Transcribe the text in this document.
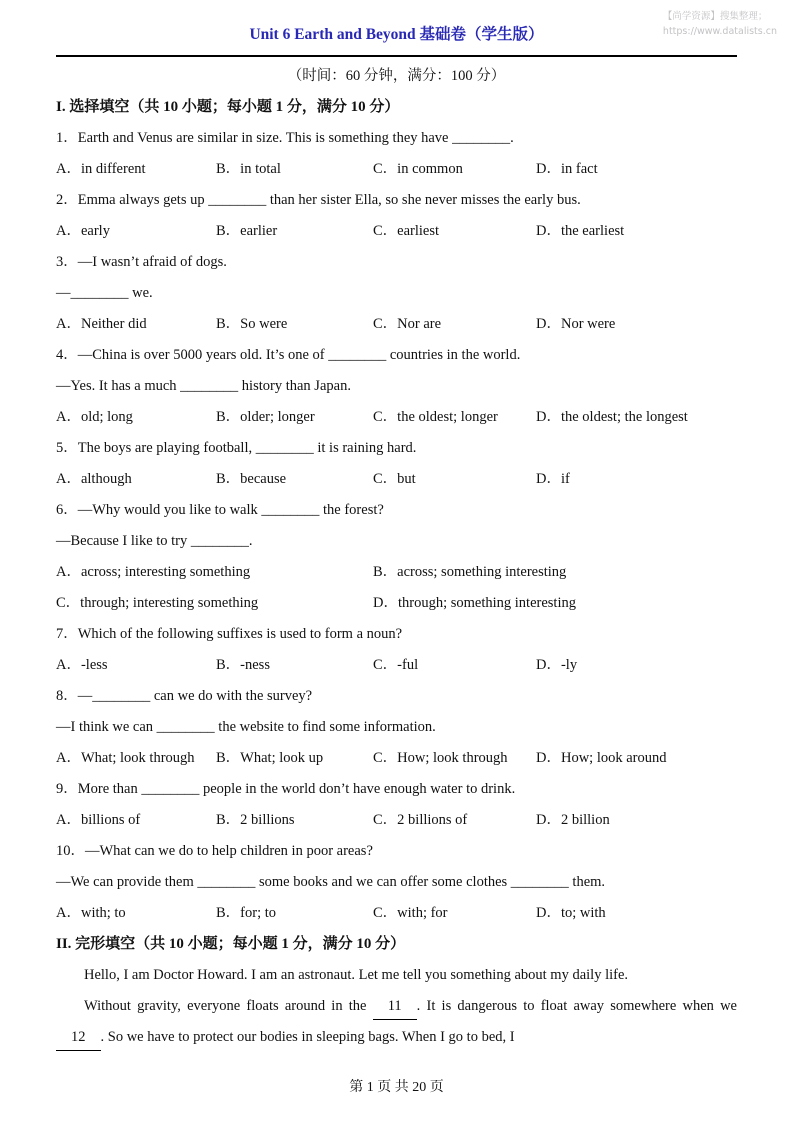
【尚学资源】搜集整理；
https://www.datalists.cn
Unit 6 Earth and Beyond 基础卷（学生版）
（时间：60 分钟，满分：100 分）
I. 选择填空（共 10 小题；每小题 1 分，满分 10 分）
1．Earth and Venus are similar in size. This is something they have ________.
A．in different	B．in total	C．in common	D．in fact
2．Emma always gets up ________ than her sister Ella, so she never misses the early bus.
A．early	B．earlier	C．earliest	D．the earliest
3．—I wasn’t afraid of dogs.
—________ we.
A．Neither did	B．So were	C．Nor are	D．Nor were
4．—China is over 5000 years old. It’s one of ________ countries in the world.
—Yes. It has a much ________ history than Japan.
A．old; long	B．older; longer	C．the oldest; longer	D．the oldest; the longest
5．The boys are playing football, ________ it is raining hard.
A．although	B．because	C．but	D．if
6．—Why would you like to walk ________ the forest?
—Because I like to try ________.
A．across; interesting something	B．across; something interesting
C．through; interesting something	D．through; something interesting
7．Which of the following suffixes is used to form a noun?
A．-less	B．-ness	C．-ful	D．-ly
8．—________ can we do with the survey?
—I think we can ________ the website to find some information.
A．What; look through	B．What; look up	C．How; look through	D．How; look around
9．More than ________ people in the world don’t have enough water to drink.
A．billions of	B．2 billions	C．2 billions of	D．2 billion
10．—What can we do to help children in poor areas?
—We can provide them ________ some books and we can offer some clothes ________ them.
A．with; to	B．for; to	C．with; for	D．to; with
II. 完形填空（共 10 小题；每小题 1 分，满分 10 分）

Hello, I am Doctor Howard. I am an astronaut. Let me tell you something about my daily life.

Without gravity, everyone floats around in the 11 . It is dangerous to float away somewhere when we 12 . So we have to protect our bodies in sleeping bags. When I go to bed, I

第 1 页 共 20 页
